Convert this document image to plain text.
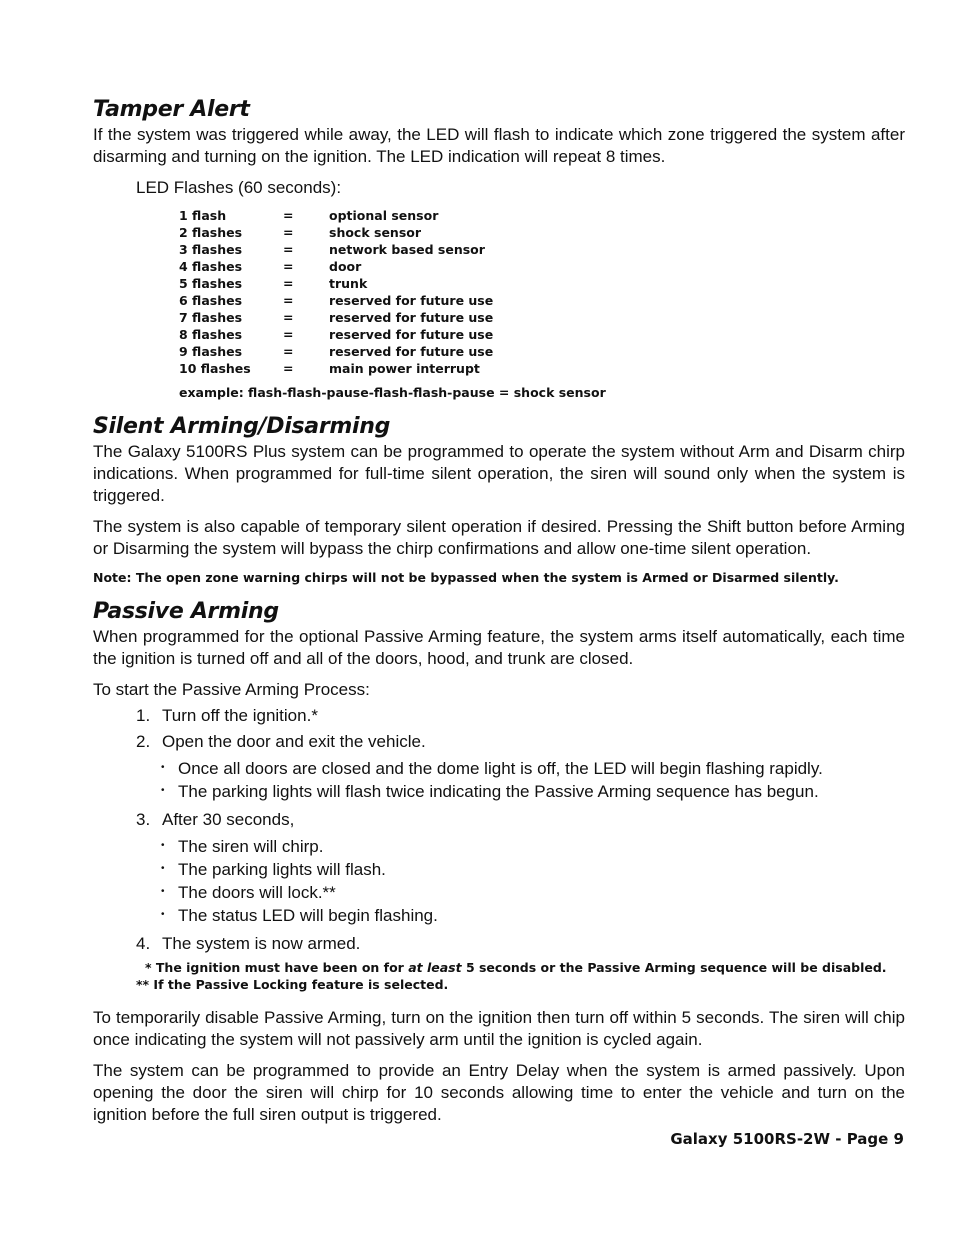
Tamper Alert

If the system was triggered while away, the LED will flash to indicate which zone triggered the system after disarming and turning on the ignition. The LED indication will repeat 8 times.

LED Flashes (60 seconds):
1 flash	=	optional sensor
2 flashes	=	shock sensor
3 flashes	=	network based sensor
4 flashes	=	door
5 flashes	=	trunk
6 flashes	=	reserved for future use
7 flashes	=	reserved for future use
8 flashes	=	reserved for future use
9 flashes	=	reserved for future use
10 flashes	=	main power interrupt
example: flash-flash-pause-flash-flash-pause = shock sensor
Silent Arming/Disarming

The Galaxy 5100RS Plus system can be programmed to operate the system without Arm and Disarm chirp indications. When programmed for full-time silent operation, the siren will sound only when the system is triggered.

The system is also capable of temporary silent operation if desired. Pressing the Shift button before Arming or Disarming the system will bypass the chirp confirmations and allow one-time silent operation.

Note: The open zone warning chirps will not be bypassed when the system is Armed or Disarmed silently.
Passive Arming

When programmed for the optional Passive Arming feature, the system arms itself automatically, each time the ignition is turned off and all of the doors, hood, and trunk are closed.

To start the Passive Arming Process:

1. Turn off the ignition.*
2. Open the door and exit the vehicle.
• Once all doors are closed and the dome light is off, the LED will begin flashing rapidly.
• The parking lights will flash twice indicating the Passive Arming sequence has begun.
3. After 30 seconds,
• The siren will chirp.
• The parking lights will flash.
• The doors will lock.**
• The status LED will begin flashing.
4. The system is now armed.
* The ignition must have been on for at least 5 seconds or the Passive Arming sequence will be disabled.
** If the Passive Locking feature is selected.

To temporarily disable Passive Arming, turn on the ignition then turn off within 5 seconds. The siren will chip once indicating the system will not passively arm until the ignition is cycled again.

The system can be programmed to provide an Entry Delay when the system is armed passively. Upon opening the door the siren will chirp for 10 seconds allowing time to enter the vehicle and turn on the ignition before the full siren output is triggered.

Galaxy 5100RS-2W - Page 9
